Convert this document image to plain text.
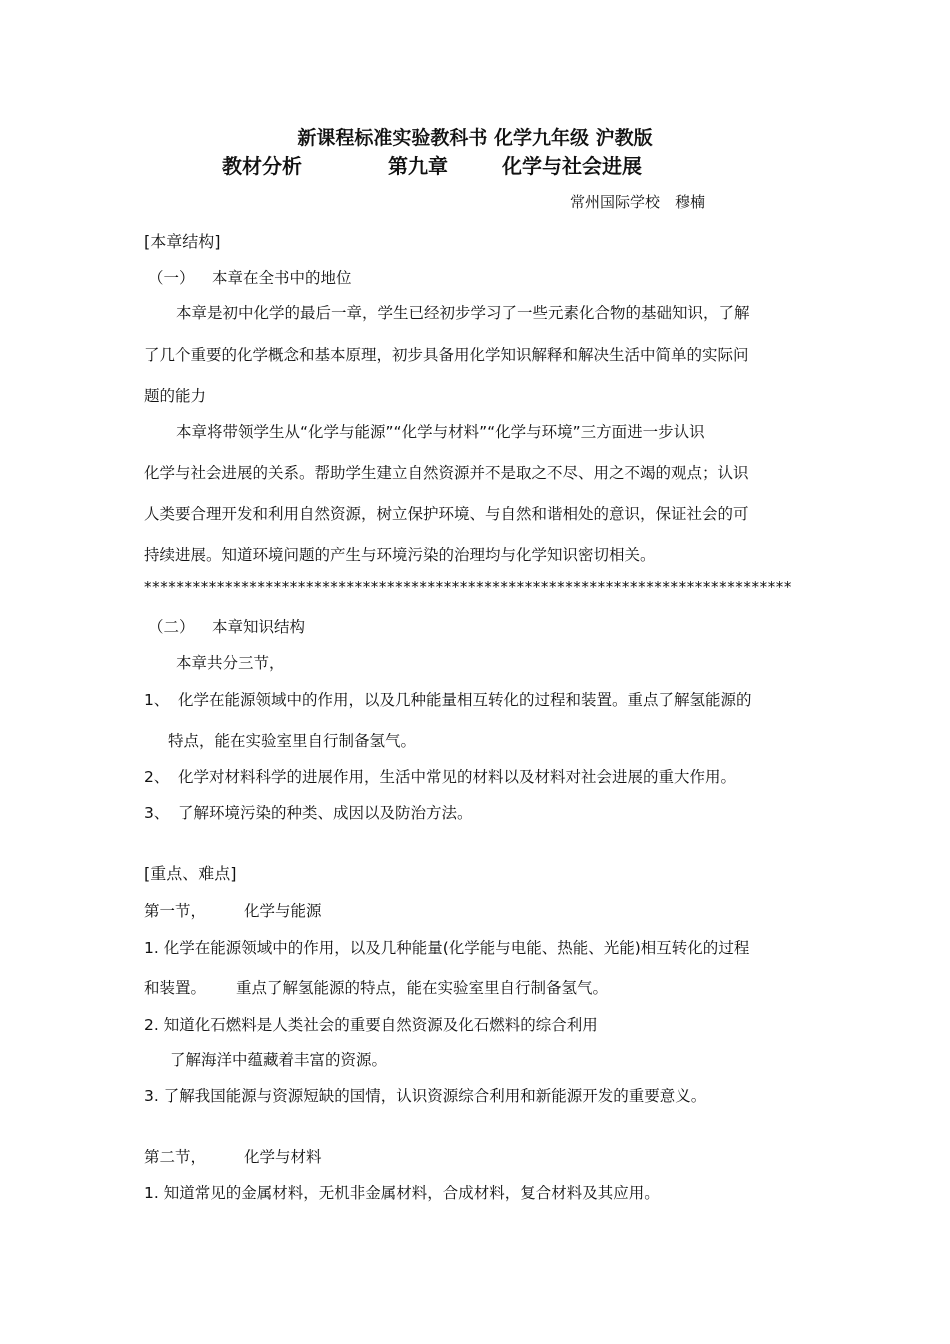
新课程标准实验教科书 化学九年级 沪教版
教材分析	第九章	化学与社会进展
常州国际学校　穆楠
[本章结构]
（一） 本章在全书中的地位
本章是初中化学的最后一章，学生已经初步学习了一些元素化合物的基础知识，了解
了几个重要的化学概念和基本原理，初步具备用化学知识解释和解决生活中简单的实际问
题的能力
本章将带领学生从“化学与能源”“化学与材料”“化学与环境”三方面进一步认识
化学与社会进展的关系。帮助学生建立自然资源并不是取之不尽、用之不竭的观点；认识
人类要合理开发和利用自然资源，树立保护环境、与自然和谐相处的意识，保证社会的可
持续进展。知道环境问题的产生与环境污染的治理均与化学知识密切相关。
********************************************************************************
（二） 本章知识结构
本章共分三节，
1、 化学在能源领域中的作用，以及几种能量相互转化的过程和装置。重点了解氢能源的
特点，能在实验室里自行制备氢气。
2、 化学对材料科学的进展作用，生活中常见的材料以及材料对社会进展的重大作用。
3、 了解环境污染的种类、成因以及防治方法。
[重点、难点]
第一节， 化学与能源
1. 化学在能源领域中的作用，以及几种能量(化学能与电能、热能、光能)相互转化的过程
和装置。 重点了解氢能源的特点，能在实验室里自行制备氢气。
2. 知道化石燃料是人类社会的重要自然资源及化石燃料的综合利用
了解海洋中蕴藏着丰富的资源。
3. 了解我国能源与资源短缺的国情，认识资源综合利用和新能源开发的重要意义。
第二节， 化学与材料
1. 知道常见的金属材料，无机非金属材料，合成材料，复合材料及其应用。
